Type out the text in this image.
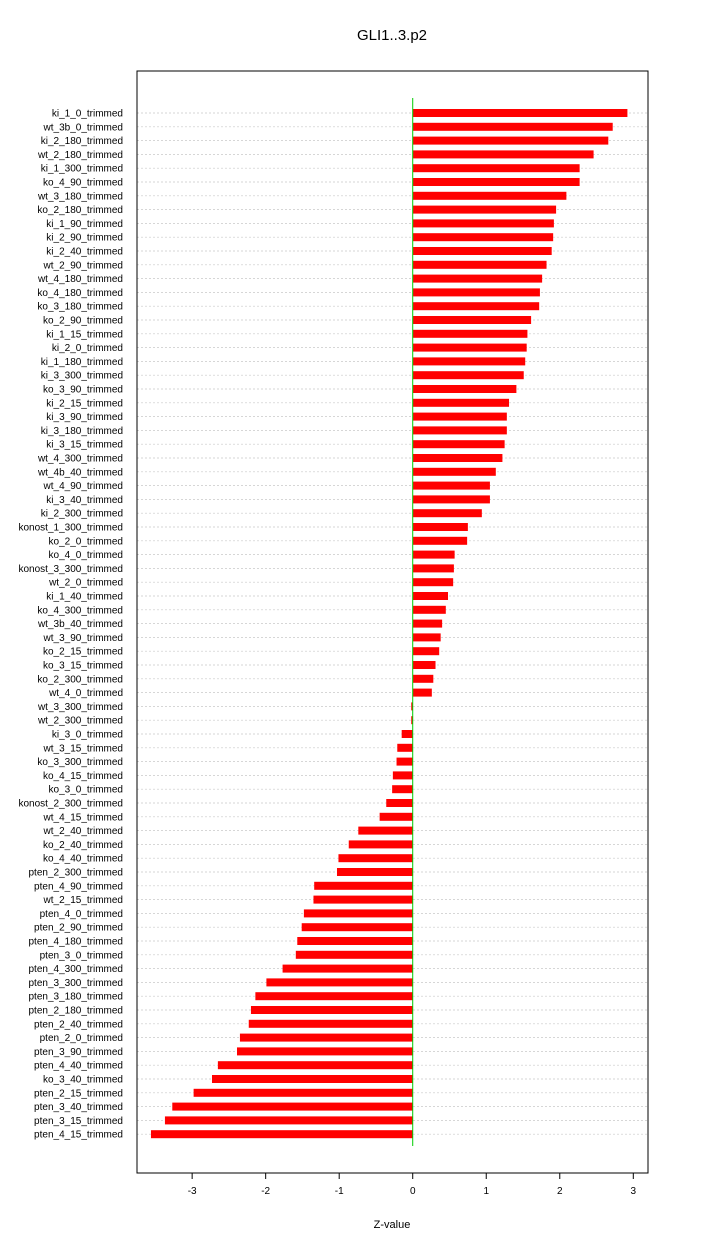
ki_1_0_trimmed
wt_3b_0_trimmed
ki_2_180_trimmed
wt_2_180_trimmed
ki_1_300_trimmed
ko_4_90_trimmed
wt_3_180_trimmed
ko_2_180_trimmed
ki_1_90_trimmed
ki_2_90_trimmed
ki_2_40_trimmed
wt_2_90_trimmed
wt_4_180_trimmed
ko_4_180_trimmed
ko_3_180_trimmed
ko_2_90_trimmed
ki_1_15_trimmed
ki_2_0_trimmed
ki_1_180_trimmed
ki_3_300_trimmed
ko_3_90_trimmed
ki_2_15_trimmed
ki_3_90_trimmed
ki_3_180_trimmed
ki_3_15_trimmed
wt_4_300_trimmed
wt_4b_40_trimmed
wt_4_90_trimmed
ki_3_40_trimmed
ki_2_300_trimmed
konost_1_300_trimmed
ko_2_0_trimmed
ko_4_0_trimmed
konost_3_300_trimmed
wt_2_0_trimmed
ki_1_40_trimmed
ko_4_300_trimmed
wt_3b_40_trimmed
wt_3_90_trimmed
ko_2_15_trimmed
ko_3_15_trimmed
ko_2_300_trimmed
wt_4_0_trimmed
wt_3_300_trimmed
wt_2_300_trimmed
ki_3_0_trimmed
wt_3_15_trimmed
ko_3_300_trimmed
ko_4_15_trimmed
ko_3_0_trimmed
konost_2_300_trimmed
wt_4_15_trimmed
wt_2_40_trimmed
ko_2_40_trimmed
ko_4_40_trimmed
pten_2_300_trimmed
pten_4_90_trimmed
wt_2_15_trimmed
pten_4_0_trimmed
pten_2_90_trimmed
pten_4_180_trimmed
pten_3_0_trimmed
pten_4_300_trimmed
pten_3_300_trimmed
pten_3_180_trimmed
pten_2_180_trimmed
pten_2_40_trimmed
pten_2_0_trimmed
pten_3_90_trimmed
pten_4_40_trimmed
ko_3_40_trimmed
pten_2_15_trimmed
pten_3_40_trimmed
pten_3_15_trimmed
pten_4_15_trimmed
-3	-2	-1	0	1	2	3
GLI1..3.p2
Z-value
